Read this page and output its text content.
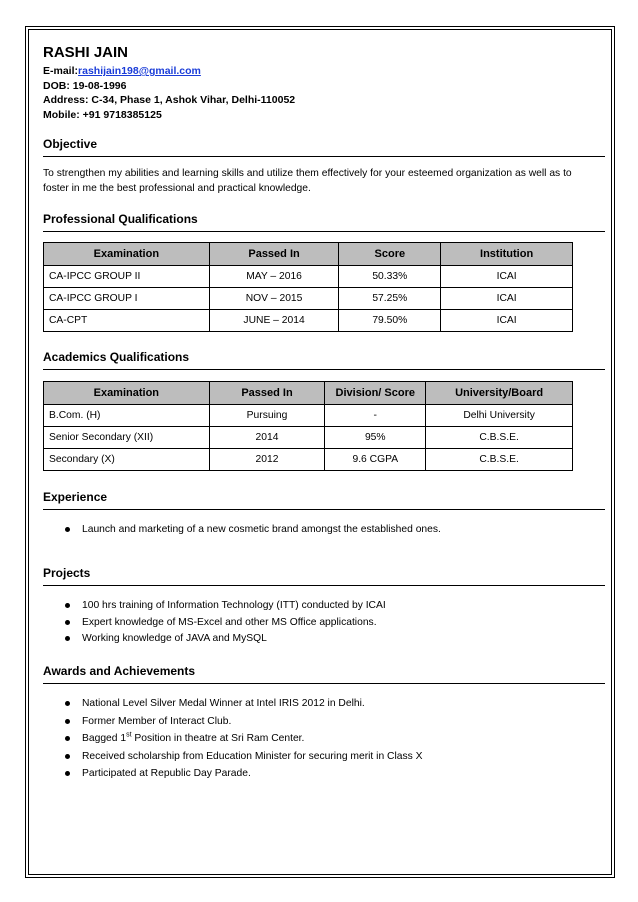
RASHI JAIN
E-mail:rashijain198@gmail.com
DOB: 19-08-1996
Address: C-34, Phase 1, Ashok Vihar, Delhi-110052
Mobile: +91 9718385125
Objective
To strengthen my abilities and learning skills and utilize them effectively for your esteemed organization as well as to foster in me the best professional and practical knowledge.
Professional Qualifications
Examination	Passed In	Score	Institution
CA-IPCC GROUP II	MAY – 2016	50.33%	ICAI
CA-IPCC GROUP I	NOV – 2015	57.25%	ICAI
CA-CPT	JUNE – 2014	79.50%	ICAI
Academics Qualifications
Examination	Passed In	Division/ Score	University/Board
B.Com. (H)	Pursuing	-	Delhi University
Senior Secondary (XII)	2014	95%	C.B.S.E.
Secondary (X)	2012	9.6 CGPA	C.B.S.E.
Experience
Launch and marketing of a new cosmetic brand amongst the established ones.
Projects
100 hrs training of Information Technology (ITT) conducted by ICAI
Expert knowledge of MS-Excel and other MS Office applications.
Working knowledge of JAVA and MySQL
Awards and Achievements
National Level Silver Medal Winner at Intel IRIS 2012 in Delhi.
Former Member of Interact Club.
Bagged 1st Position in theatre at Sri Ram Center.
Received scholarship from Education Minister for securing merit in Class X
Participated at Republic Day Parade.
